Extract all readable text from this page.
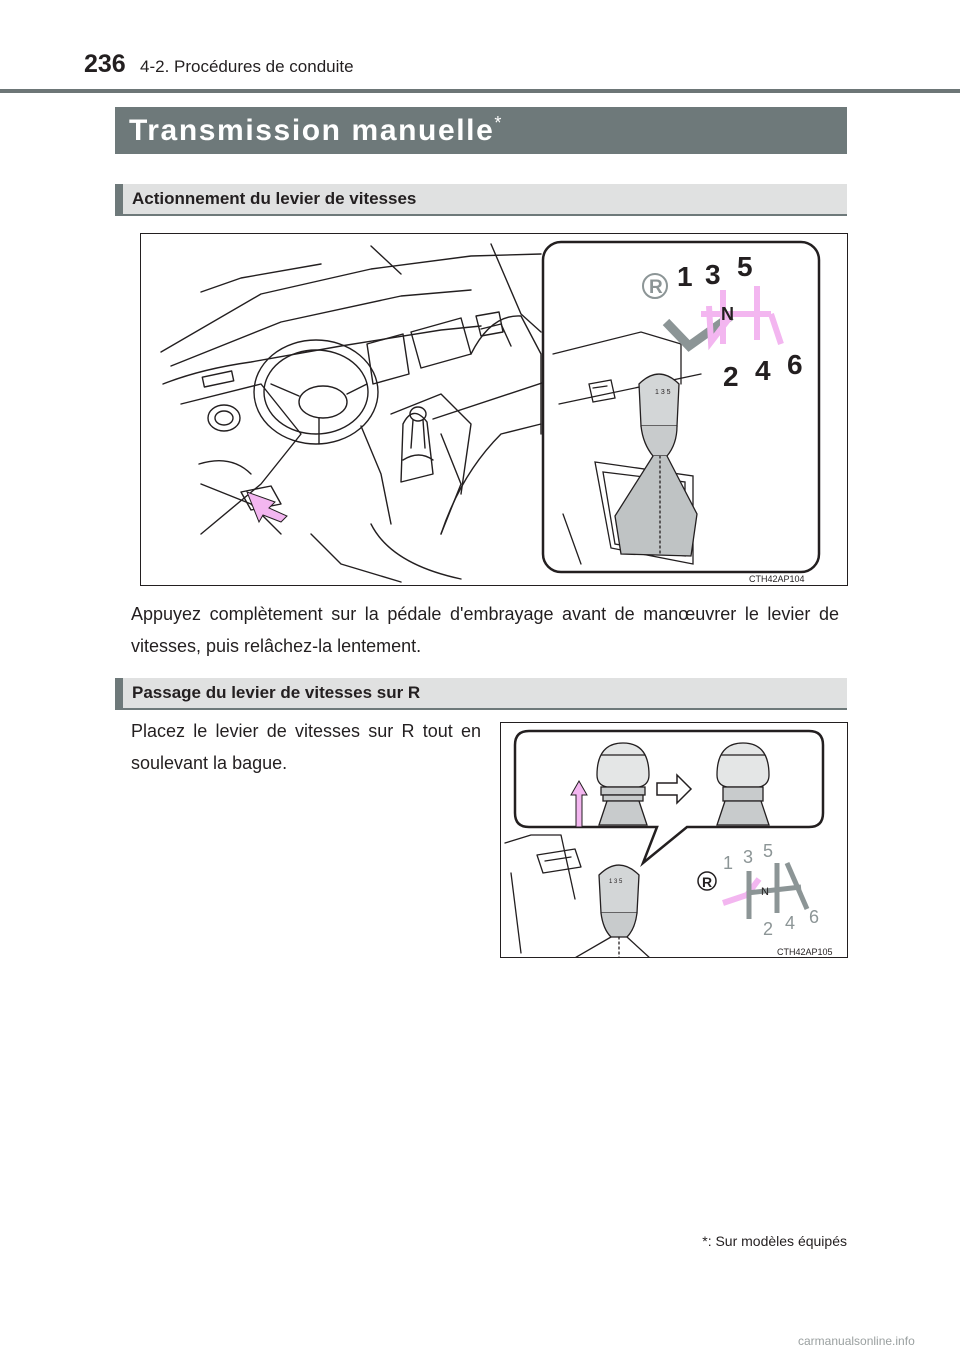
236 4-2. Procédures de conduite
Transmission manuelle*
Actionnement du levier de vitesses
1 3 5
R 1 3 5
N
2 4 6
CTH42AP104
Appuyez complètement sur la pédale d'embrayage avant de manœuvrer le levier de vitesses, puis relâchez-la lentement.
Passage du levier de vitesses sur R
Placez le levier de vitesses sur R tout en soulevant la bague.
1 3 5	R
1 3 5
N
2 4 6
CTH42AP105
*: Sur modèles équipés
carmanualsonline.info
